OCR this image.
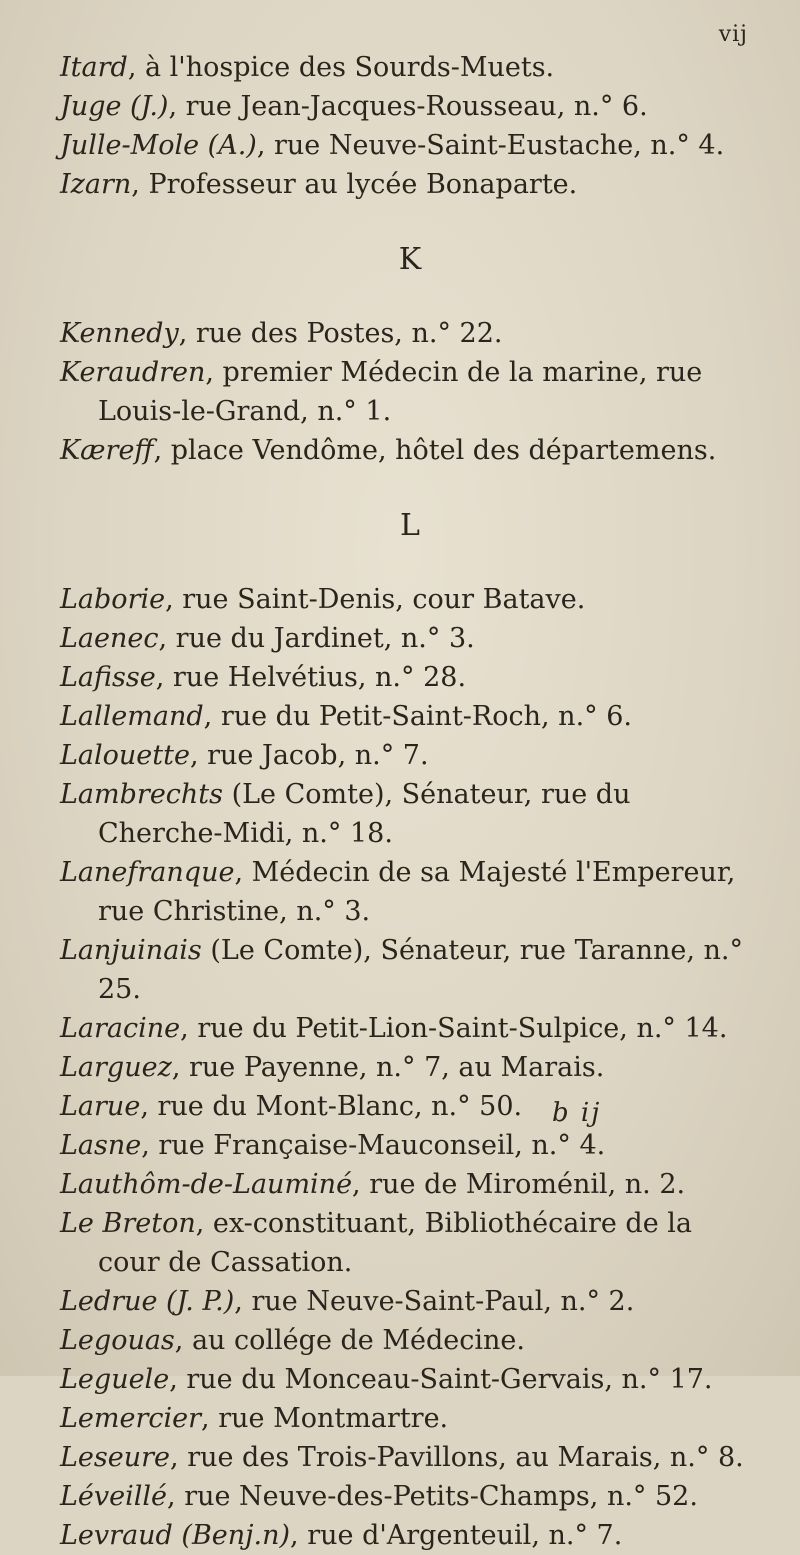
vij
Itard, à l'hospice des Sourds-Muets.
Juge (J.), rue Jean-Jacques-Rousseau, n.° 6.
Julle-Mole (A.), rue Neuve-Saint-Eustache, n.° 4.
Izarn, Professeur au lycée Bonaparte.
K
Kennedy, rue des Postes, n.° 22.
Keraudren, premier Médecin de la marine, rue Louis-le-Grand, n.° 1.
Kæreff, place Vendôme, hôtel des départemens.
L
Laborie, rue Saint-Denis, cour Batave.
Laenec, rue du Jardinet, n.° 3.
Lafisse, rue Helvétius, n.° 28.
Lallemand, rue du Petit-Saint-Roch, n.° 6.
Lalouette, rue Jacob, n.° 7.
Lambrechts (Le Comte), Sénateur, rue du Cherche-Midi, n.° 18.
Lanefranque, Médecin de sa Majesté l'Empereur, rue Christine, n.° 3.
Lanjuinais (Le Comte), Sénateur, rue Taranne, n.° 25.
Laracine, rue du Petit-Lion-Saint-Sulpice, n.° 14.
Larguez, rue Payenne, n.° 7, au Marais.
Larue, rue du Mont-Blanc, n.° 50.
Lasne, rue Française-Mauconseil, n.° 4.
Lauthôm-de-Lauminé, rue de Miroménil, n. 2.
Le Breton, ex-constituant, Bibliothécaire de la cour de Cassation.
Ledrue (J. P.), rue Neuve-Saint-Paul, n.° 2.
Legouas, au collége de Médecine.
Leguele, rue du Monceau-Saint-Gervais, n.° 17.
Lemercier, rue Montmartre.
Leseure, rue des Trois-Pavillons, au Marais, n.° 8.
Léveillé, rue Neuve-des-Petits-Champs, n.° 52.
Levraud (Benj.n), rue d'Argenteuil, n.° 7.
b ij
